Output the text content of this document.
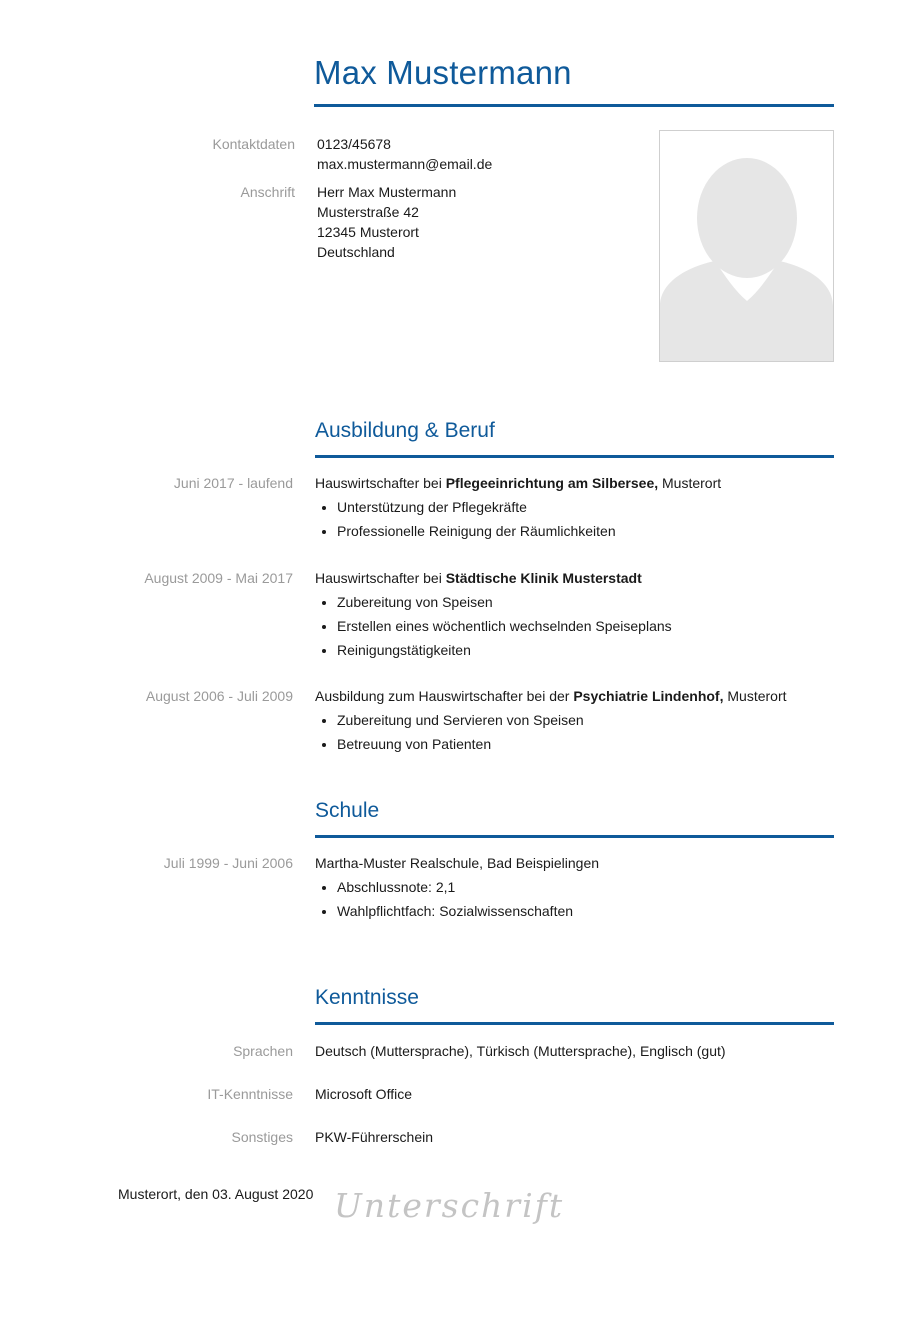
Max Mustermann
Kontaktdaten 0123/45678
max.mustermann@email.de
Anschrift Herr Max Mustermann
Musterstraße 42
12345 Musterort
Deutschland
Ausbildung & Beruf
Juni 2017 - laufend Hauswirtschafter bei Pflegeeinrichtung am Silbersee, Musterort
• Unterstützung der Pflegekräfte
• Professionelle Reinigung der Räumlichkeiten
August 2009 - Mai 2017 Hauswirtschafter bei Städtische Klinik Musterstadt
• Zubereitung von Speisen
• Erstellen eines wöchentlich wechselnden Speiseplans
• Reinigungstätigkeiten
August 2006 - Juli 2009 Ausbildung zum Hauswirtschafter bei der Psychiatrie Lindenhof, Musterort
• Zubereitung und Servieren von Speisen
• Betreuung von Patienten
Schule
Juli 1999 - Juni 2006 Martha-Muster Realschule, Bad Beispielingen
• Abschlussnote: 2,1
• Wahlpflichtfach: Sozialwissenschaften
Kenntnisse
Sprachen Deutsch (Muttersprache), Türkisch (Muttersprache), Englisch (gut)
IT-Kenntnisse Microsoft Office
Sonstiges PKW-Führerschein
Musterort, den 03. August 2020 Unterschrift
